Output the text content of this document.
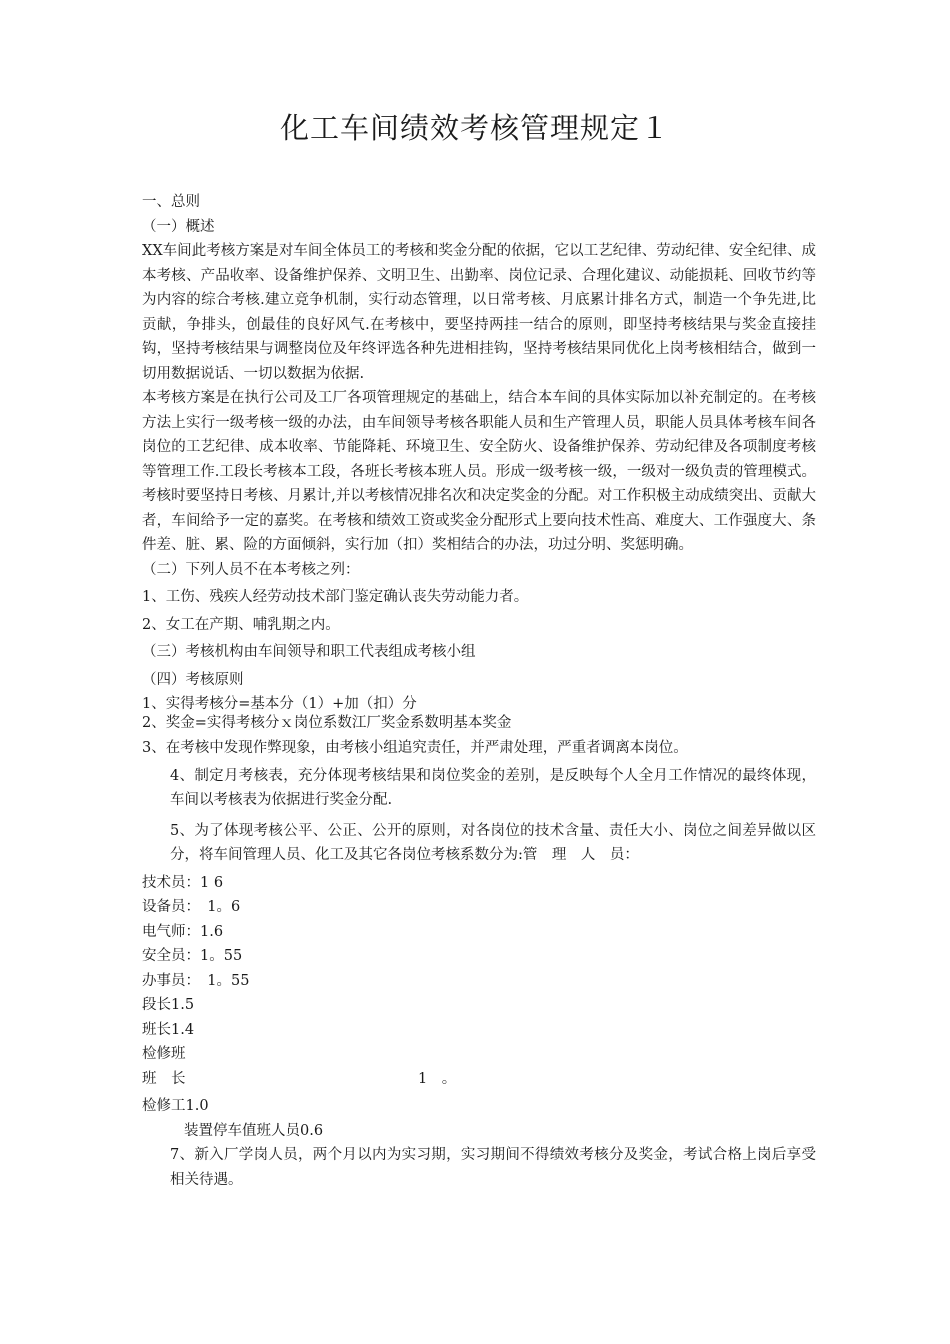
化工车间绩效考核管理规定１

一、总则

（一）概述

XX车间此考核方案是对车间全体员工的考核和奖金分配的依据，它以工艺纪律、劳动纪律、安全纪律、成本考核、产品收率、设备维护保养、文明卫生、出勤率、岗位记录、合理化建议、动能损耗、回收节约等为内容的综合考核.建立竞争机制，实行动态管理，以日常考核、月底累计排名方式，制造一个争先进,比贡献，争排头，创最佳的良好风气.在考核中，要坚持两挂一结合的原则，即坚持考核结果与奖金直接挂钩，坚持考核结果与调整岗位及年终评选各种先进相挂钩，坚持考核结果同优化上岗考核相结合，做到一切用数据说话、一切以数据为依据.

本考核方案是在执行公司及工厂各项管理规定的基础上，结合本车间的具体实际加以补充制定的。在考核方法上实行一级考核一级的办法，由车间领导考核各职能人员和生产管理人员，职能人员具体考核车间各岗位的工艺纪律、成本收率、节能降耗、环境卫生、安全防火、设备维护保养、劳动纪律及各项制度考核等管理工作.工段长考核本工段，各班长考核本班人员。形成一级考核一级，一级对一级负责的管理模式。考核时要坚持日考核、月累计,并以考核情况排名次和决定奖金的分配。对工作积极主动成绩突出、贡献大者，车间给予一定的嘉奖。在考核和绩效工资或奖金分配形式上要向技术性高、难度大、工作强度大、条件差、脏、累、险的方面倾斜，实行加（扣）奖相结合的办法，功过分明、奖惩明确。

（二）下列人员不在本考核之列：

1、工伤、残疾人经劳动技术部门鉴定确认丧失劳动能力者。

2、女工在产期、哺乳期之内。

（三）考核机构由车间领导和职工代表组成考核小组

（四）考核原则

1、实得考核分=基本分（1）+加（扣）分

2、奖金=实得考核分ｘ岗位系数江厂奖金系数明基本奖金

3、在考核中发现作弊现象，由考核小组追究责任，并严肃处理，严重者调离本岗位。

4、制定月考核表，充分体现考核结果和岗位奖金的差别，是反映每个人全月工作情况的最终体现，车间以考核表为依据进行奖金分配.

5、为了体现考核公平、公正、公开的原则，对各岗位的技术含量、责任大小、岗位之间差异做以区分，将车间管理人员、化工及其它各岗位考核系数分为:管　理　人　员：

技术员：1 6

设备员：　1。6

电气师：1.6

安全员：1。55

办事员：　1。55

段长1.5

班长1.4

检修班

班　长	1　。

检修工1.0

装置停车值班人员0.6

7、新入厂学岗人员，两个月以内为实习期，实习期间不得绩效考核分及奖金，考试合格上岗后享受相关待遇。
